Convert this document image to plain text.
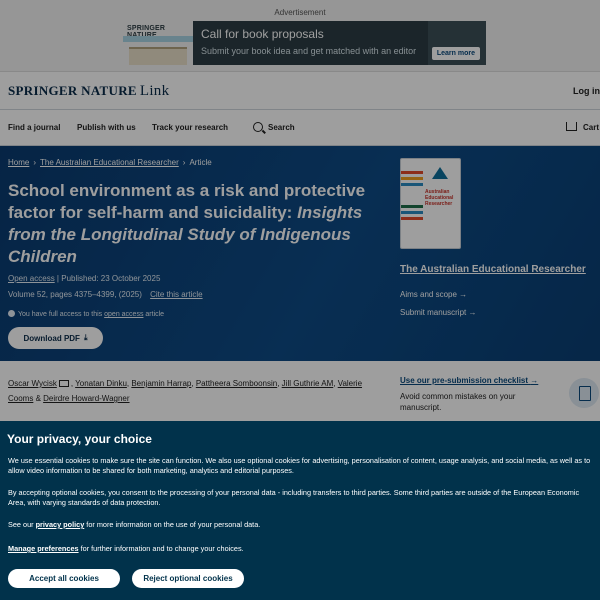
Advertisement
SPRINGER	Call for book proposals
Submit your book idea and get matched with an editor	Learn more
SPRINGER NATURE Link	Log in
Find a journal Publish with us Track your research	Search	Cart
Home › The Australian Educational Researcher › Article
School environment as a risk and protective factor for self-harm and suicidality: Insights from the Longitudinal Study of Indigenous Children
Open access | Published: 23 October 2025
Volume 52, pages 4375–4399, (2025) Cite this article
You have full access to this open access article
Download PDF ⤓
Australian Educational Researcher
The Australian Educational Researcher
Aims and scope →
Submit manuscript →
Oscar Wycisk , Yonatan Dinku, Benjamin Harrap, Pattheera Somboonsin, Jill Guthrie AM, Valerie Cooms & Deirdre Howard-Wagner
Use our pre-submission checklist →
Avoid common mistakes on your manuscript.
Your privacy, your choice
We use essential cookies to make sure the site can function. We also use optional cookies for advertising, personalisation of content, usage analysis, and social media, as well as to allow video information to be shared for both marketing, analytics and editorial purposes.
By accepting optional cookies, you consent to the processing of your personal data - including transfers to third parties. Some third parties are outside of the European Economic Area, with varying standards of data protection.
See our privacy policy for more information on the use of your personal data.
Manage preferences for further information and to change your choices.
Accept all cookies	Reject optional cookies
